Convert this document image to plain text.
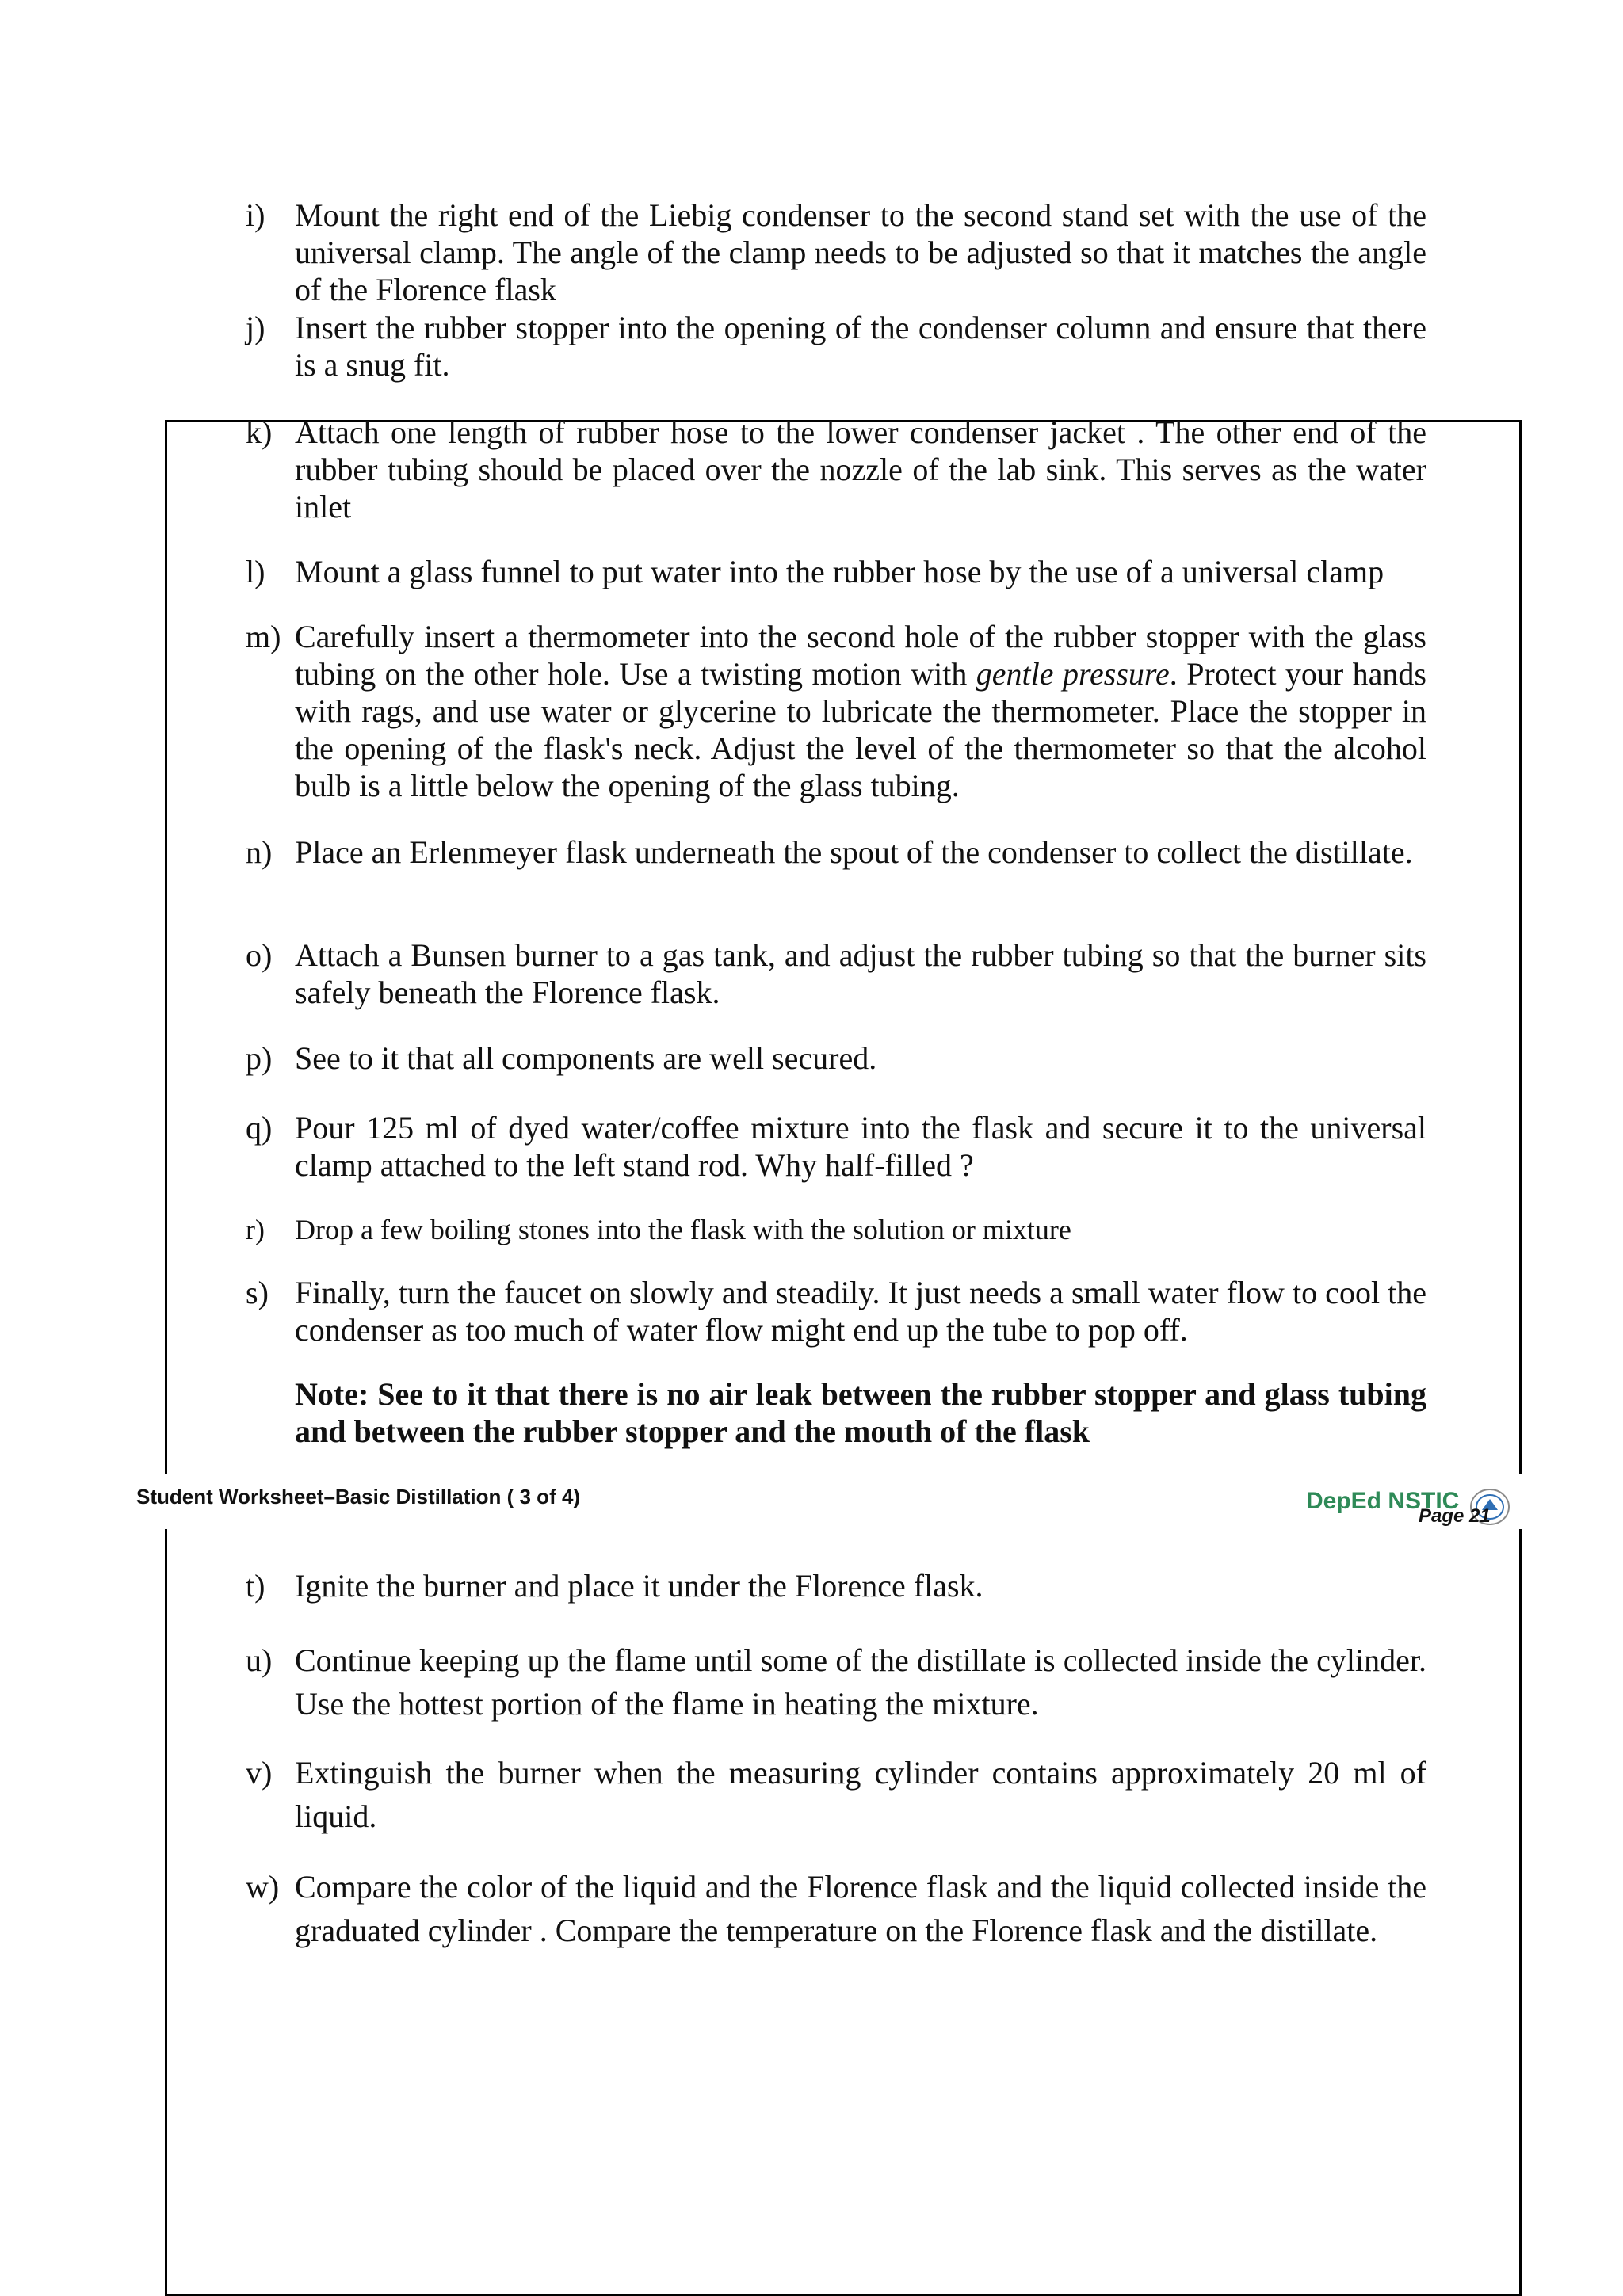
i) Mount the right end of the Liebig condenser to the second stand set with the use of the universal clamp. The angle of the clamp needs to be adjusted so that it matches the angle of the Florence flask
j) Insert the rubber stopper into the opening of the condenser column and ensure that there is a snug fit.
k) Attach one length of rubber hose to the lower condenser jacket . The other end of the rubber tubing should be placed over the nozzle of the lab sink. This serves as the water inlet
l) Mount a glass funnel to put water into the rubber hose by the use of a universal clamp
m) Carefully insert a thermometer into the second hole of the rubber stopper with the glass tubing on the other hole. Use a twisting motion with gentle pressure. Protect your hands with rags, and use water or glycerine to lubricate the thermometer. Place the stopper in the opening of the flask's neck. Adjust the level of the thermometer so that the alcohol bulb is a little below the opening of the glass tubing.
n) Place an Erlenmeyer flask underneath the spout of the condenser to collect the distillate.
o) Attach a Bunsen burner to a gas tank, and adjust the rubber tubing so that the burner sits safely beneath the Florence flask.
p) See to it that all components are well secured.
q) Pour 125 ml of dyed water/coffee mixture into the flask and secure it to the universal clamp attached to the left stand rod. Why half-filled ?
r) Drop a few boiling stones into the flask with the solution or mixture
s) Finally, turn the faucet on slowly and steadily. It just needs a small water flow to cool the condenser as too much of water flow might end up the tube to pop off.
Note: See to it that there is no air leak between the rubber stopper and glass tubing and between the rubber stopper and the mouth of the flask
Student Worksheet–Basic Distillation ( 3 of 4)	DepEd NSTIC
Page 21
t) Ignite the burner and place it under the Florence flask.
u) Continue keeping up the flame until some of the distillate is collected inside the cylinder. Use the hottest portion of the flame in heating the mixture.
v) Extinguish the burner when the measuring cylinder contains approximately 20 ml of liquid.
w) Compare the color of the liquid and the Florence flask and the liquid collected inside the graduated cylinder . Compare the temperature on the Florence flask and the distillate.
